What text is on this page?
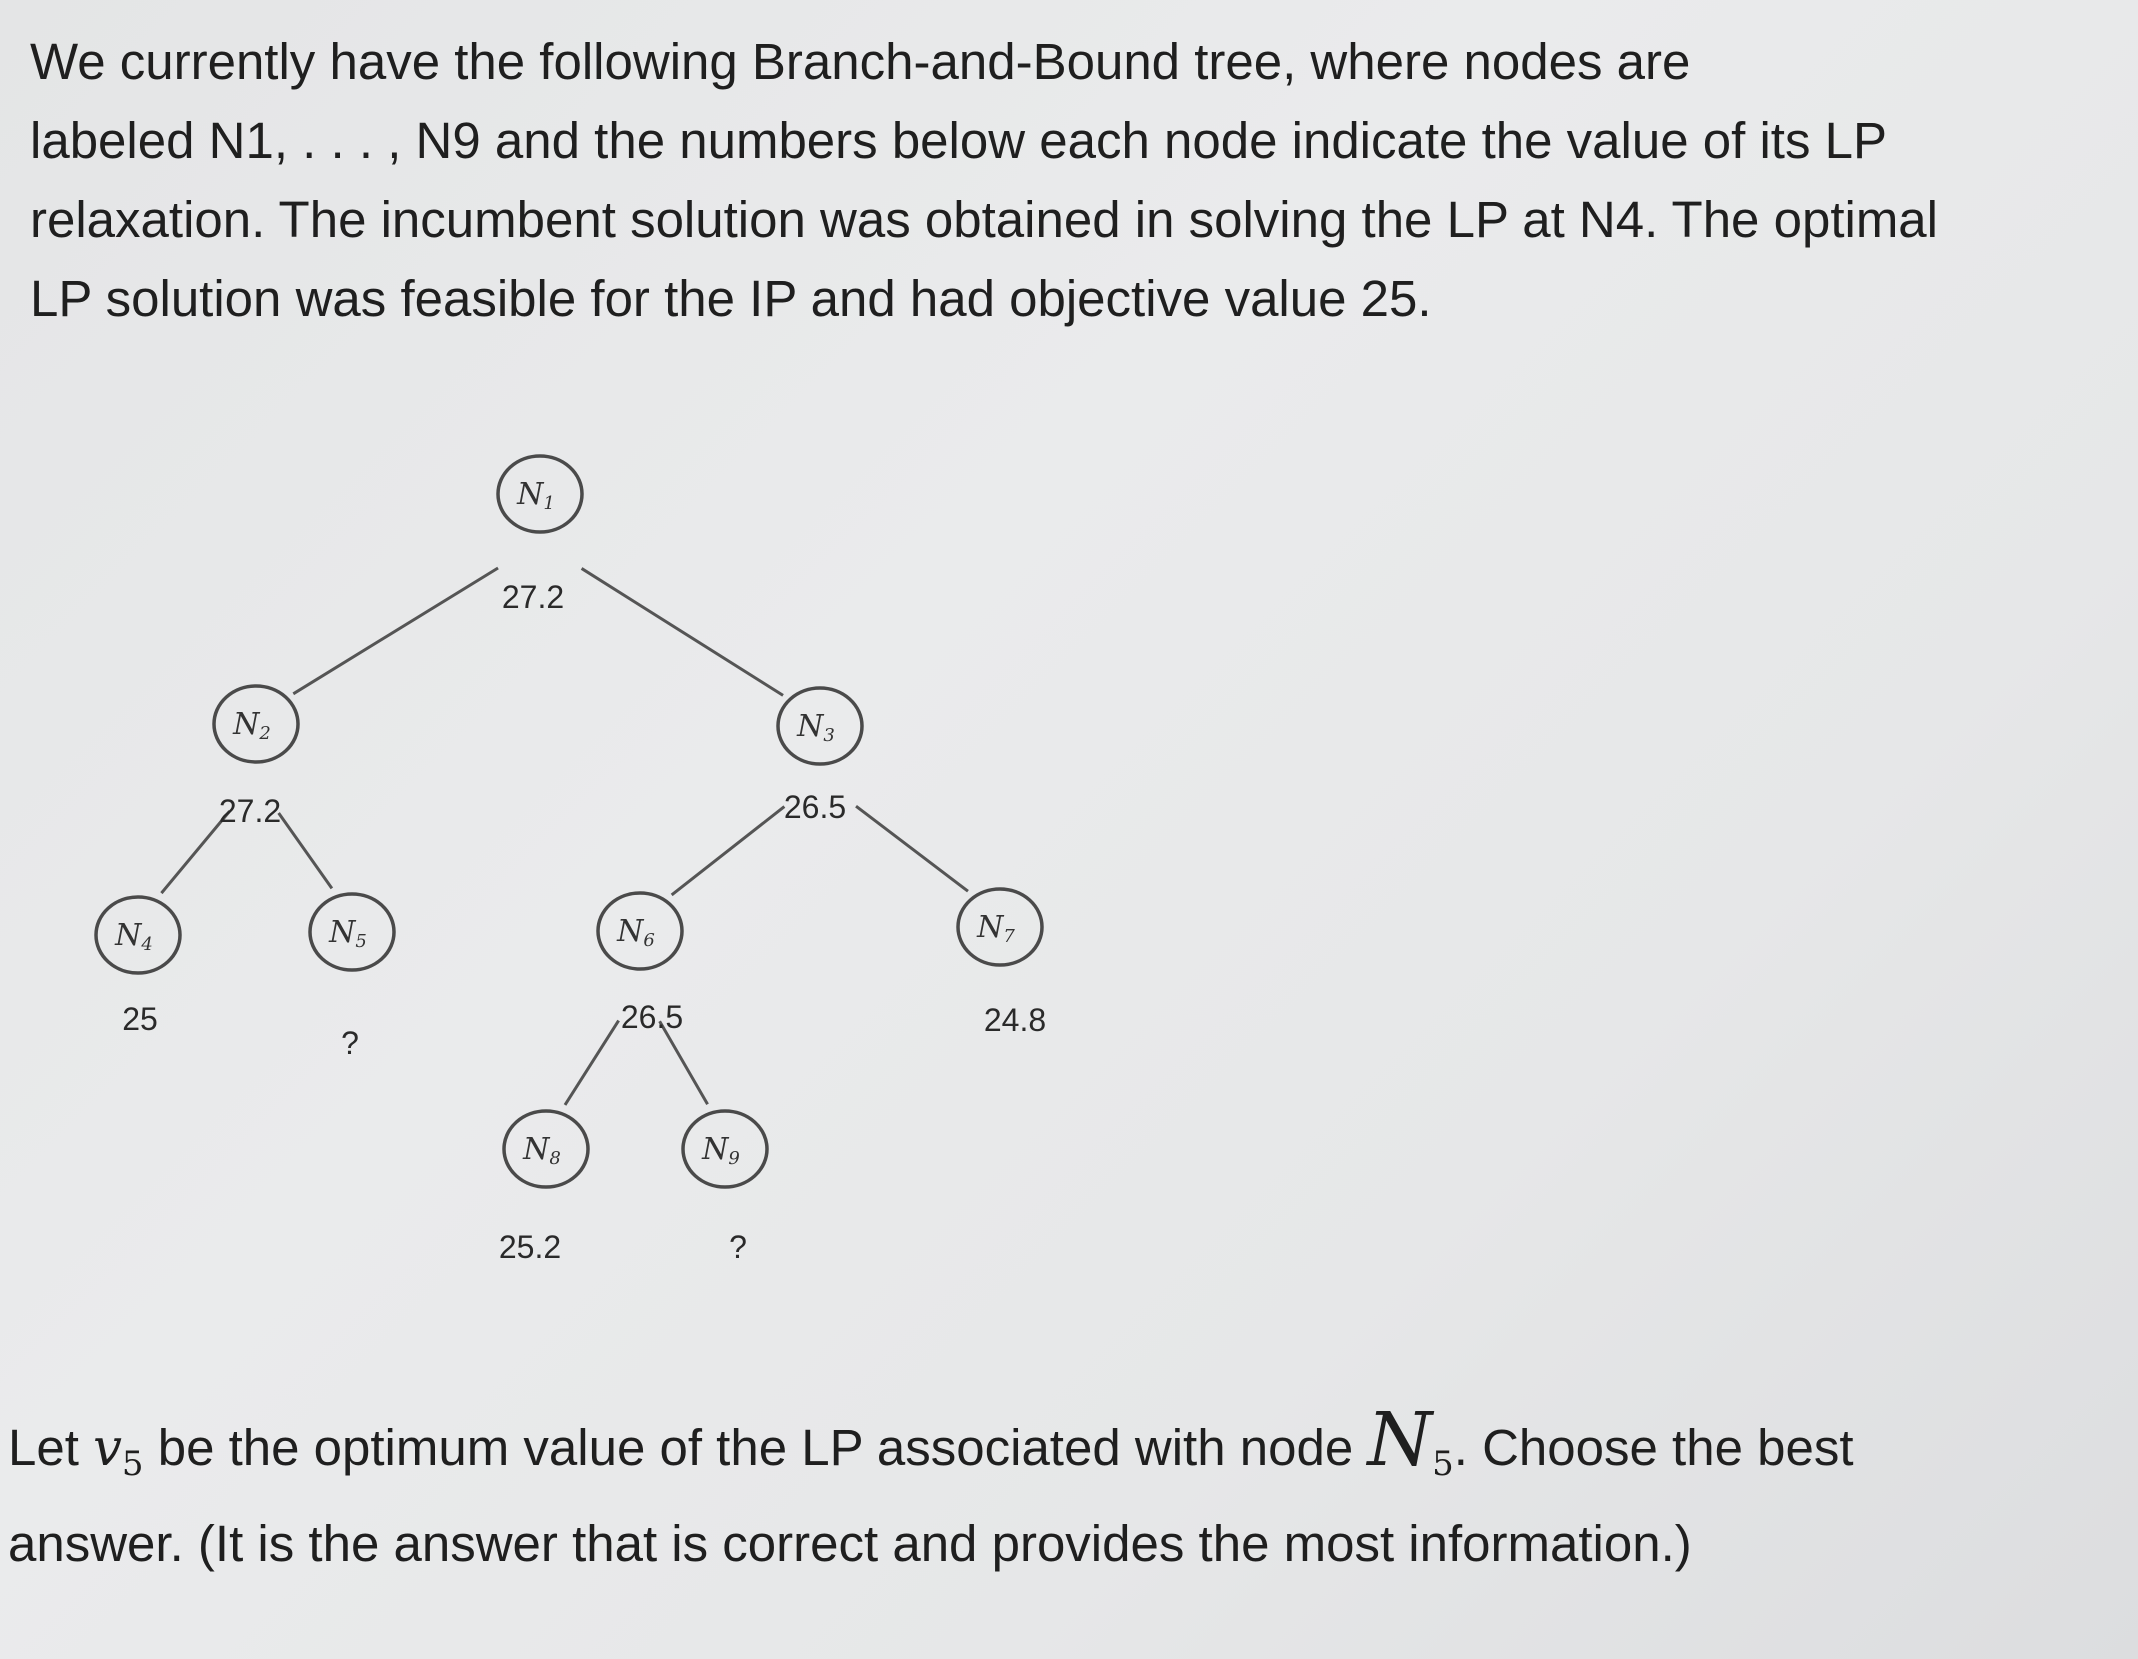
We currently have the following Branch-and-Bound tree, where nodes are
labeled N1, . . . , N9 and the numbers below each node indicate the value of its LP
relaxation. The incumbent solution was obtained in solving the LP at N4. The optimal
LP solution was feasible for the IP and had objective value 25.
N1
27.2
N2
27.2
N3
26.5
N4
25
N5
?
N6
26.5
N7
24.8
N8
25.2
N9
?
Let $v_5$ be the optimum value of the LP associated with node $N_5$. Choose the best
answer. (It is the answer that is correct and provides the most information.)
